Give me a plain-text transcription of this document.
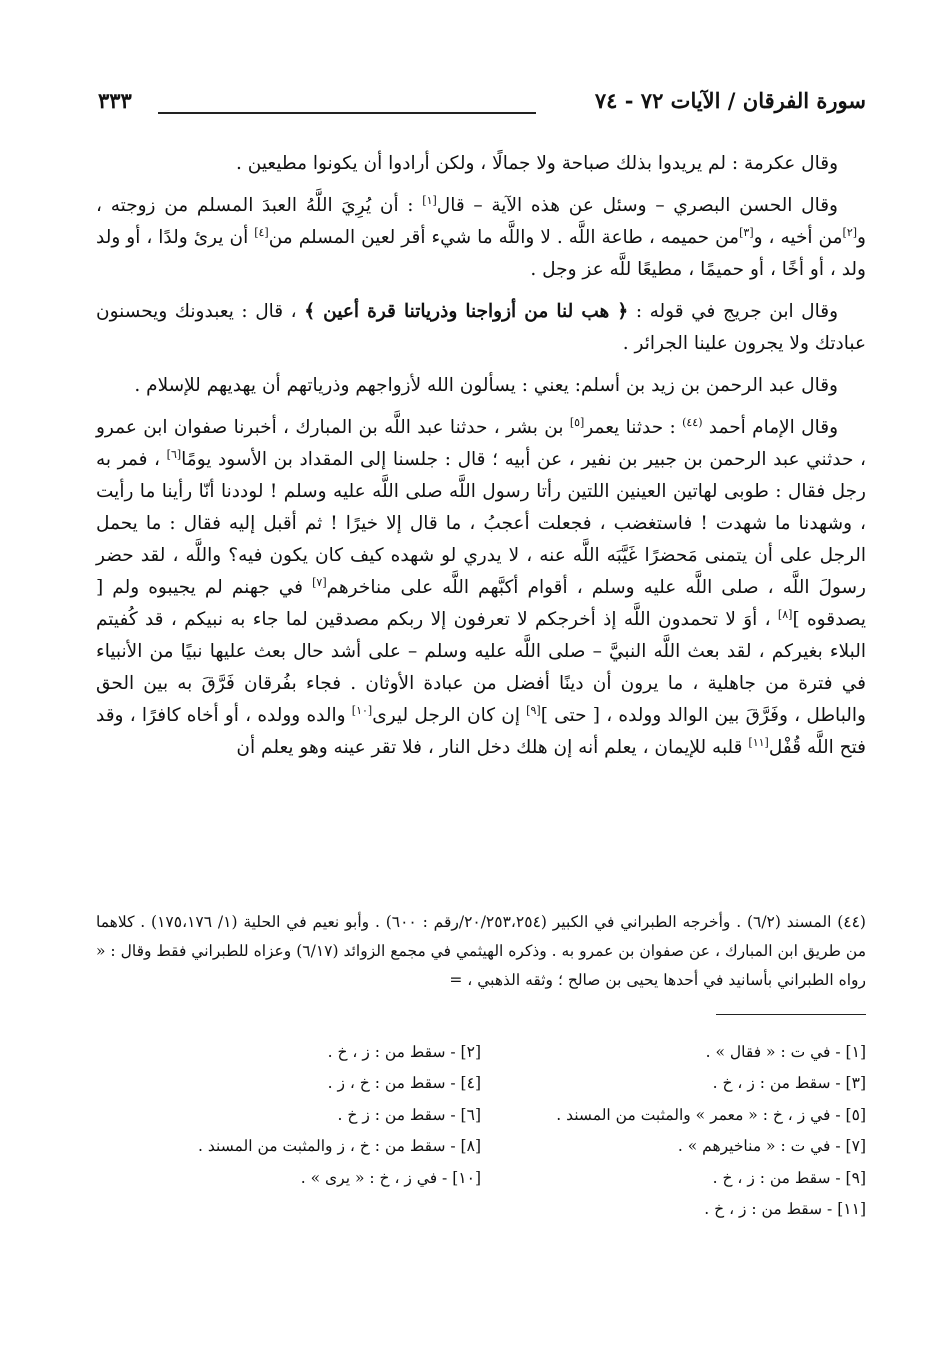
سورة الفرقان / الآيات ٧٢ - ٧٤
٣٣٣

وقال عكرمة : لم يريدوا بذلك صباحة ولا جمالًا ، ولكن أرادوا أن يكونوا مطيعين .

وقال الحسن البصري – وسئل عن هذه الآية – قال[١] : أن يُرِيَ اللَّهُ العبدَ المسلم من زوجته ، و[٢]من أخيه ، و[٣]من حميمه ، طاعة اللَّه . لا واللَّه ما شيء أقر لعين المسلم من[٤] أن يرئ ولدًا ، أو ولد ولد ، أو أخًا ، أو حميمًا ، مطيعًا للَّه عز وجل .

وقال ابن جريج في قوله : ﴿ هب لنا من أزواجنا وذرياتنا قرة أعين ﴾ ، قال : يعبدونك ويحسنون عبادتك ولا يجرون علينا الجرائر .

وقال عبد الرحمن بن زيد بن أسلم: يعني : يسألون الله لأزواجهم وذرياتهم أن يهديهم للإسلام .

وقال الإمام أحمد $^{(٤٤)}$ : حدثنا يعمر[٥] بن بشر ، حدثنا عبد اللَّه بن المبارك ، أخبرنا صفوان ابن عمرو ، حدثني عبد الرحمن بن جبير بن نفير ، عن أبيه ؛ قال : جلسنا إلى المقداد بن الأسود يومًا[٦] ، فمر به رجل فقال : طوبى لهاتين العينين اللتين رأتا رسول اللَّه صلى اللَّه عليه وسلم ! لوددنا أنّا رأينا ما رأيت ، وشهدنا ما شهدت ! فاستغضب ، فجعلت أعجبُ ، ما قال إلا خيرًا ! ثم أقبل إليه فقال : ما يحمل الرجل على أن يتمنى مَحضرًا غَيَّبَه اللَّه عنه ، لا يدري لو شهده كيف كان يكون فيه؟ واللَّه ، لقد حضر رسولَ اللَّه ، صلى اللَّه عليه وسلم ، أقوام أكبَّهم اللَّه على مناخرهم[٧] في جهنم لم يجيبوه ولم [ يصدقوه ][٨] ، أوَ لا تحمدون اللَّه إذ أخرجكم لا تعرفون إلا ربكم مصدقين لما جاء به نبيكم ، قد كُفيتم البلاء بغيركم ، لقد بعث اللَّه النبيَّ – صلى اللَّه عليه وسلم – على أشد حال بعث عليها نبيًا من الأنبياء في فترة من جاهلية ، ما يرون أن دينًا أفضل من عبادة الأوثان . فجاء بفُرقان فَرَّقَ به بين الحق والباطل ، وفَرَّقَ بين الوالد وولده ، [ حتى ][٩] إن كان الرجل ليرى[١٠] والده وولده ، أو أخاه كافرًا ، وقد فتح اللَّه قُفْل[١١] قلبه للإيمان ، يعلم أنه إن هلك دخل النار ، فلا تقر عينه وهو يعلم أن

(٤٤) المسند (٦/٢) . وأخرجه الطبراني في الكبير (٢٠/٢٥٣،٢٥٤/رقم : ٦٠٠) . وأبو نعيم في الحلية (١/ ١٧٥،١٧٦) . كلاهما من طريق ابن المبارك ، عن صفوان بن عمرو به . وذكره الهيثمي في مجمع الزوائد (٦/١٧) وعزاه للطبراني فقط وقال : « رواه الطبراني بأسانيد في أحدها يحيى بن صالح ؛ وثقه الذهبي ، =

[١] - في ت : « فقال » .
[٢] - سقط من : ز ، خ .
[٣] - سقط من : ز ، خ .
[٤] - سقط من : خ ، ز .
[٥] - في ز ، خ : « معمر » والمثبت من المسند .
[٦] - سقط من : ز خ .
[٧] - في ت : « مناخيرهم » .
[٨] - سقط من : خ ، ز والمثبت من المسند .
[٩] - سقط من : ز ، خ .
[١٠] - في ز ، خ : « يرى » .
[١١] - سقط من : ز ، خ .
